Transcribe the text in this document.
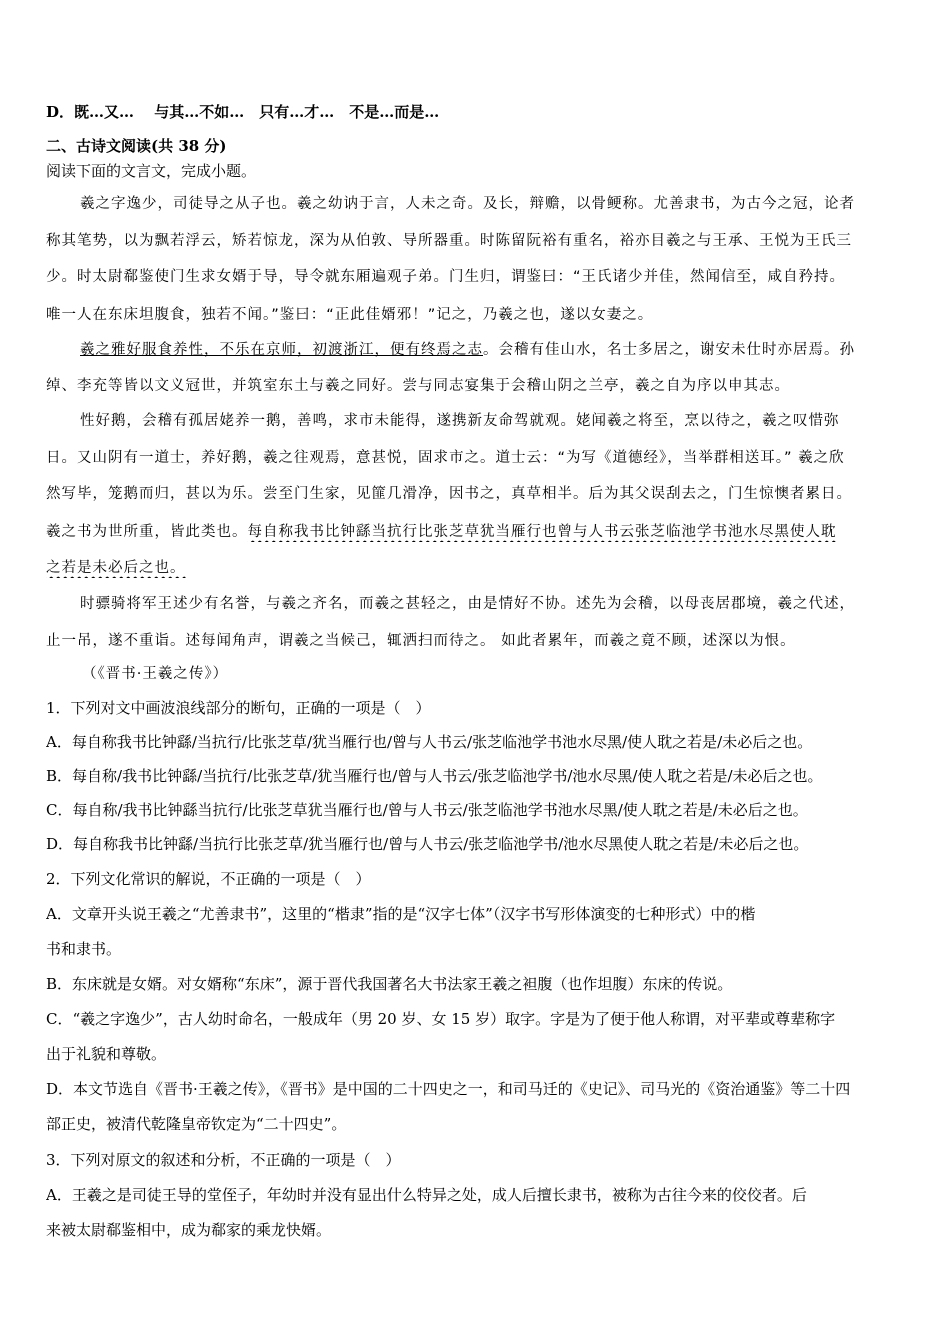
D．既…又…　 与其…不如…　只有…才…　不是…而是…
二、古诗文阅读(共 38 分)
阅读下面的文言文，完成小题。
羲之字逸少，司徒导之从子也。羲之幼讷于言，人未之奇。及长，辩赡，以骨鲠称。尤善隶书，为古今之冠，论者
称其笔势，以为飘若浮云，矫若惊龙，深为从伯敦、导所器重。时陈留阮裕有重名，裕亦目羲之与王承、王悦为王氏三
少。时太尉郗鉴使门生求女婿于导，导令就东厢遍观子弟。门生归，谓鉴曰：“王氏诸少并佳，然闻信至，咸自矜持。
唯一人在东床坦腹食，独若不闻。”鉴曰：“正此佳婿邪！”记之，乃羲之也，遂以女妻之。
羲之雅好服食养性，不乐在京师，初渡浙江，便有终焉之志。会稽有佳山水，名士多居之，谢安未仕时亦居焉。孙
绰、李充等皆以文义冠世，并筑室东土与羲之同好。尝与同志宴集于会稽山阴之兰亭，羲之自为序以申其志。
性好鹅，会稽有孤居姥养一鹅，善鸣，求市未能得，遂携新友命驾就观。姥闻羲之将至，烹以待之，羲之叹惜弥
日。又山阴有一道士，养好鹅，羲之往观焉，意甚悦，固求市之。道士云：“为写《道德经》，当举群相送耳。” 羲之欣
然写毕，笼鹅而归，甚以为乐。尝至门生家，见篚几滑净，因书之，真草相半。后为其父误刮去之，门生惊懊者累日。
羲之书为世所重，皆此类也。每自称我书比钟繇当抗行比张芝草犹当雁行也曾与人书云张芝临池学书池水尽黑使人耽
之若是未必后之也。
时骠骑将军王述少有名誉，与羲之齐名，而羲之甚轻之，由是情好不协。述先为会稽，以母丧居郡境，羲之代述，
止一吊，遂不重诣。述每闻角声，谓羲之当候己，辄洒扫而待之。 如此者累年，而羲之竟不顾，述深以为恨。
（《晋书·王羲之传》）
1．下列对文中画波浪线部分的断句，正确的一项是（　）
A．每自称我书比钟繇/当抗行/比张芝草/犹当雁行也/曾与人书云/张芝临池学书池水尽黑/使人耽之若是/未必后之也。
B．每自称/我书比钟繇/当抗行/比张芝草/犹当雁行也/曾与人书云/张芝临池学书/池水尽黑/使人耽之若是/未必后之也。
C．每自称/我书比钟繇当抗行/比张芝草犹当雁行也/曾与人书云/张芝临池学书池水尽黑/使人耽之若是/未必后之也。
D．每自称我书比钟繇/当抗行比张芝草/犹当雁行也/曾与人书云/张芝临池学书/池水尽黑使人耽之若是/未必后之也。
2．下列文化常识的解说，不正确的一项是（　）
A．文章开头说王羲之“尤善隶书”，这里的“楷隶”指的是“汉字七体”（汉字书写形体演变的七种形式）中的楷
书和隶书。
B．东床就是女婿。对女婿称“东床”，源于晋代我国著名大书法家王羲之袒腹（也作坦腹）东床的传说。
C．“羲之字逸少”，古人幼时命名，一般成年（男 20 岁、女 15 岁）取字。字是为了便于他人称谓，对平辈或尊辈称字
出于礼貌和尊敬。
D．本文节选自《晋书·王羲之传》，《晋书》是中国的二十四史之一，和司马迁的《史记》、司马光的《资治通鉴》等二十四
部正史，被清代乾隆皇帝钦定为“二十四史”。
3．下列对原文的叙述和分析，不正确的一项是（　）
A．王羲之是司徒王导的堂侄子，年幼时并没有显出什么特异之处，成人后擅长隶书，被称为古往今来的佼佼者。后
来被太尉郗鉴相中，成为郗家的乘龙快婿。
